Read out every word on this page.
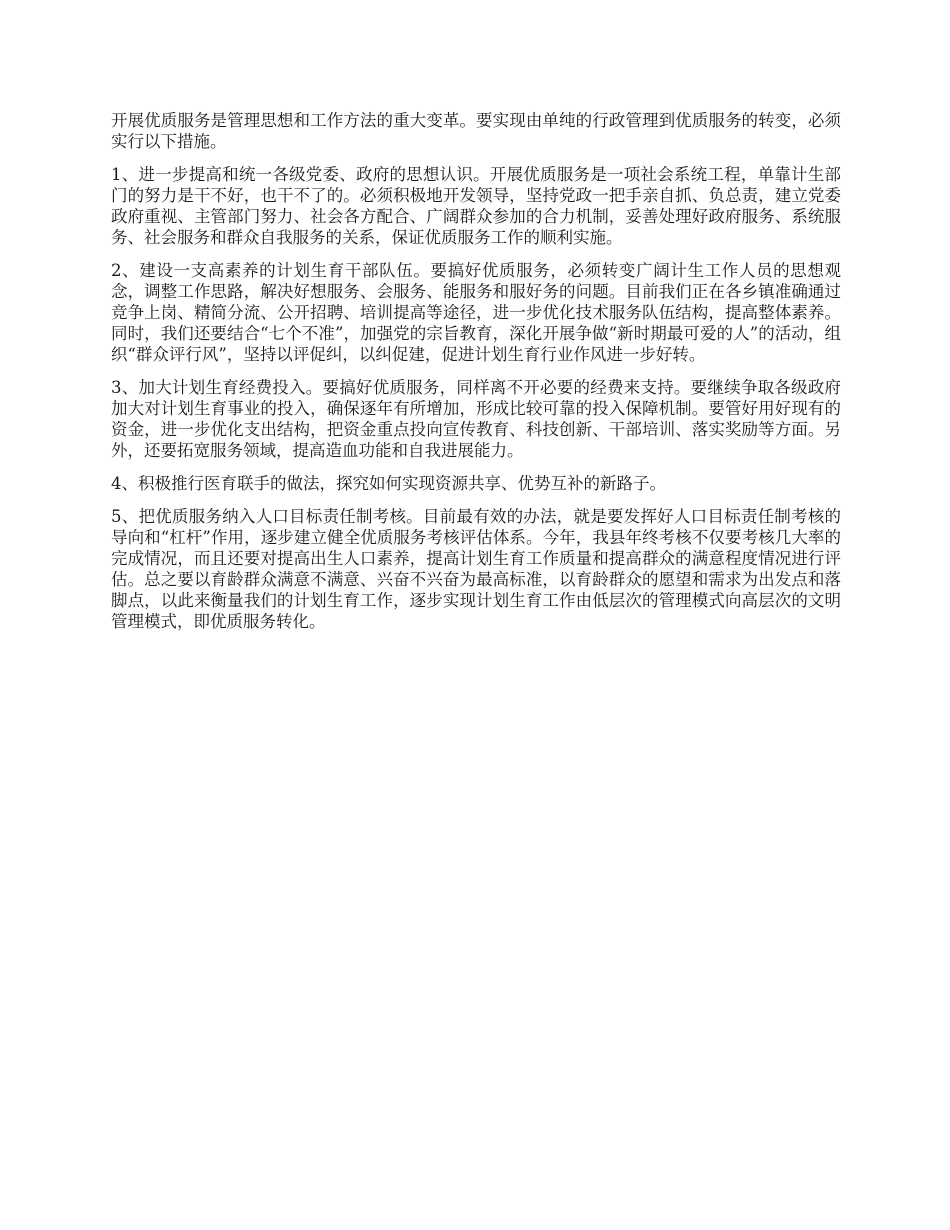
开展优质服务是管理思想和工作方法的重大变革。要实现由单纯的行政管理到优质服务的转变，必须实行以下措施。

1、进一步提高和统一各级党委、政府的思想认识。开展优质服务是一项社会系统工程，单靠计生部门的努力是干不好，也干不了的。必须积极地开发领导，坚持党政一把手亲自抓、负总责，建立党委政府重视、主管部门努力、社会各方配合、广阔群众参加的合力机制，妥善处理好政府服务、系统服务、社会服务和群众自我服务的关系，保证优质服务工作的顺利实施。

2、建设一支高素养的计划生育干部队伍。要搞好优质服务，必须转变广阔计生工作人员的思想观念，调整工作思路，解决好想服务、会服务、能服务和服好务的问题。目前我们正在各乡镇准确通过竞争上岗、精简分流、公开招聘、培训提高等途径，进一步优化技术服务队伍结构，提高整体素养。同时，我们还要结合“七个不准”，加强党的宗旨教育，深化开展争做“新时期最可爱的人”的活动，组织“群众评行风”，坚持以评促纠，以纠促建，促进计划生育行业作风进一步好转。

3、加大计划生育经费投入。要搞好优质服务，同样离不开必要的经费来支持。要继续争取各级政府加大对计划生育事业的投入，确保逐年有所增加，形成比较可靠的投入保障机制。要管好用好现有的资金，进一步优化支出结构，把资金重点投向宣传教育、科技创新、干部培训、落实奖励等方面。另外，还要拓宽服务领域，提高造血功能和自我进展能力。

4、积极推行医育联手的做法，探究如何实现资源共享、优势互补的新路子。

5、把优质服务纳入人口目标责任制考核。目前最有效的办法，就是要发挥好人口目标责任制考核的导向和“杠杆”作用，逐步建立健全优质服务考核评估体系。今年，我县年终考核不仅要考核几大率的完成情况，而且还要对提高出生人口素养，提高计划生育工作质量和提高群众的满意程度情况进行评估。总之要以育龄群众满意不满意、兴奋不兴奋为最高标准，以育龄群众的愿望和需求为出发点和落脚点，以此来衡量我们的计划生育工作，逐步实现计划生育工作由低层次的管理模式向高层次的文明管理模式，即优质服务转化。
